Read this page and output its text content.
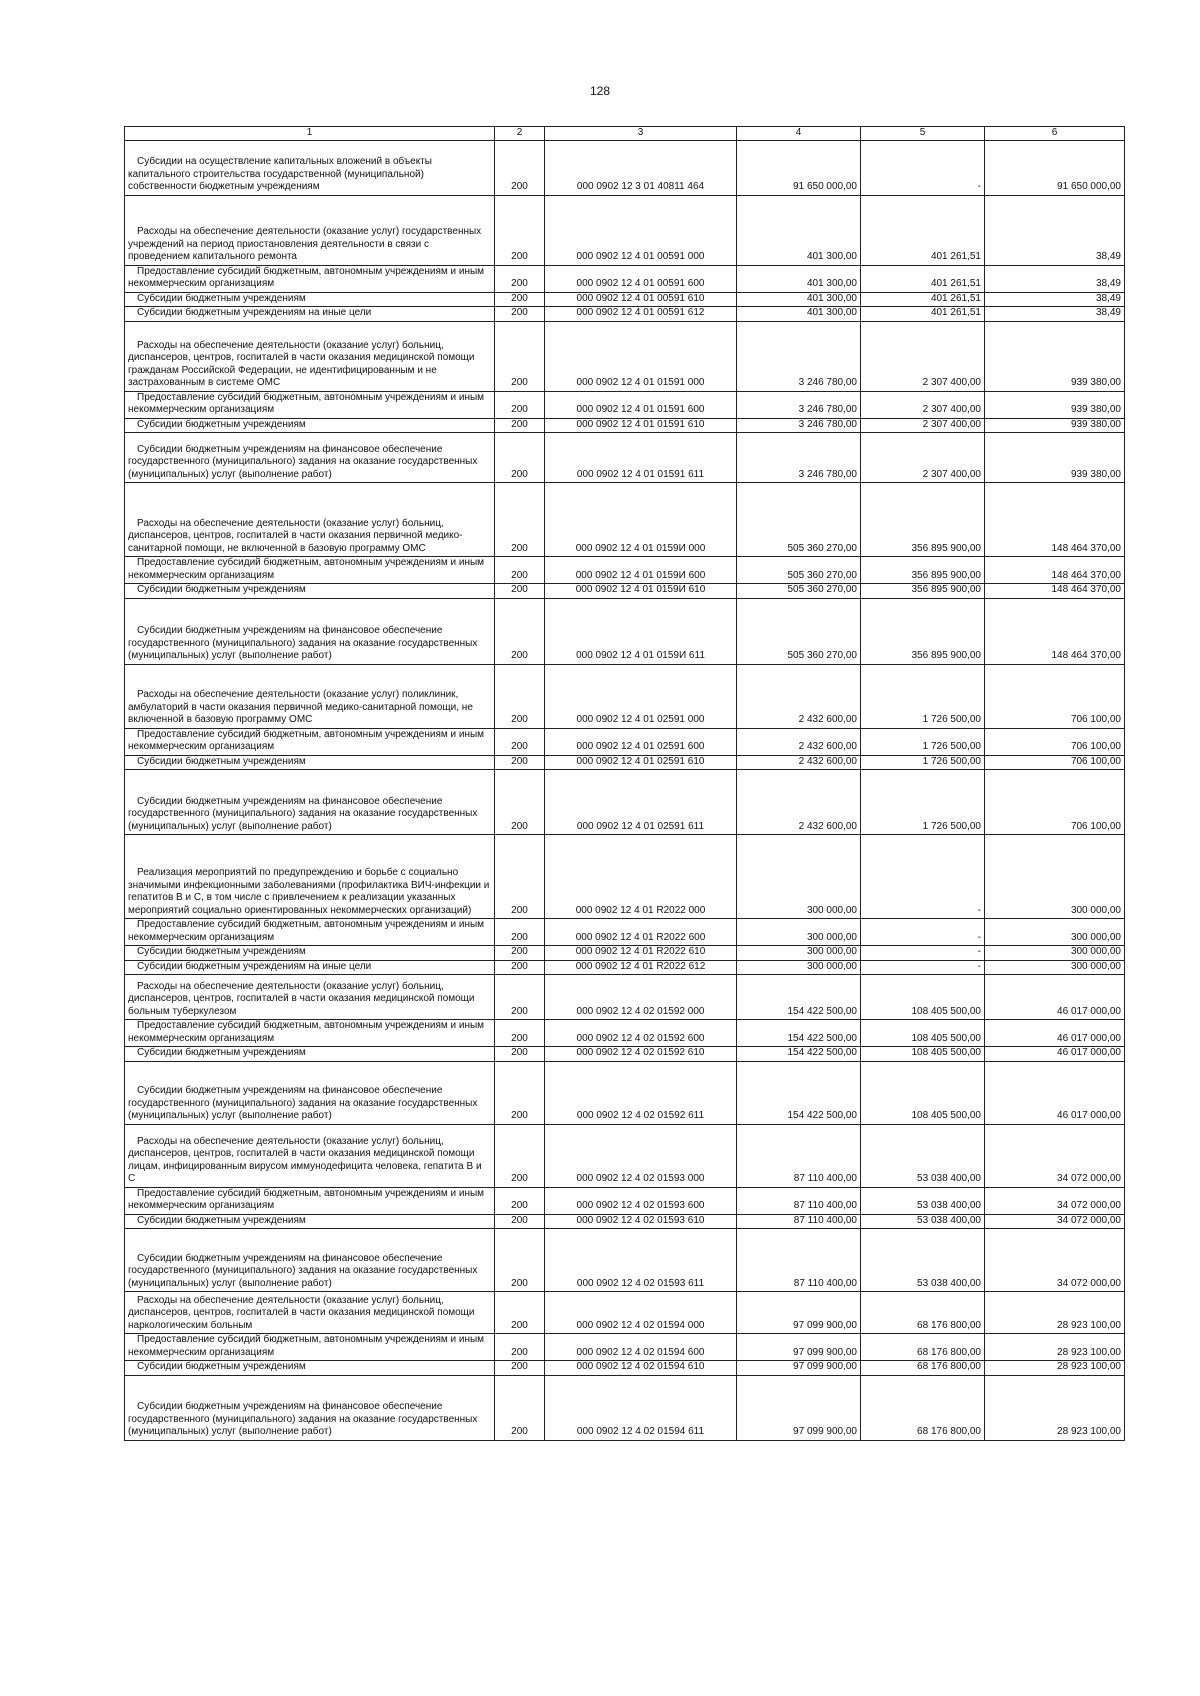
128
1	2	3	4	5	6
Субсидии на осуществление капитальных вложений в объекты капитального строительства государственной (муниципальной) собственности бюджетным учреждениям	200	000 0902 12 3 01 40811 464	91 650 000,00	-	91 650 000,00
Расходы на обеспечение деятельности (оказание услуг) государственных учреждений на период приостановления деятельности в связи с проведением капитального ремонта	200	000 0902 12 4 01 00591 000	401 300,00	401 261,51	38,49
Предоставление субсидий бюджетным, автономным учреждениям и иным некоммерческим организациям	200	000 0902 12 4 01 00591 600	401 300,00	401 261,51	38,49
Субсидии бюджетным учреждениям	200	000 0902 12 4 01 00591 610	401 300,00	401 261,51	38,49
Субсидии бюджетным учреждениям на иные цели	200	000 0902 12 4 01 00591 612	401 300,00	401 261,51	38,49
Расходы на обеспечение деятельности (оказание услуг) больниц, диспансеров, центров, госпиталей в части оказания медицинской помощи гражданам Российской Федерации, не идентифицированным и не застрахованным в системе ОМС	200	000 0902 12 4 01 01591 000	3 246 780,00	2 307 400,00	939 380,00
Предоставление субсидий бюджетным, автономным учреждениям и иным некоммерческим организациям	200	000 0902 12 4 01 01591 600	3 246 780,00	2 307 400,00	939 380,00
Субсидии бюджетным учреждениям	200	000 0902 12 4 01 01591 610	3 246 780,00	2 307 400,00	939 380,00
Субсидии бюджетным учреждениям на финансовое обеспечение государственного (муниципального) задания на оказание государственных (муниципальных) услуг (выполнение работ)	200	000 0902 12 4 01 01591 611	3 246 780,00	2 307 400,00	939 380,00
Расходы на обеспечение деятельности (оказание услуг) больниц, диспансеров, центров, госпиталей в части оказания первичной медико-санитарной помощи, не включенной в базовую программу ОМС	200	000 0902 12 4 01 0159И 000	505 360 270,00	356 895 900,00	148 464 370,00
Предоставление субсидий бюджетным, автономным учреждениям и иным некоммерческим организациям	200	000 0902 12 4 01 0159И 600	505 360 270,00	356 895 900,00	148 464 370,00
Субсидии бюджетным учреждениям	200	000 0902 12 4 01 0159И 610	505 360 270,00	356 895 900,00	148 464 370,00
Субсидии бюджетным учреждениям на финансовое обеспечение государственного (муниципального) задания на оказание государственных (муниципальных) услуг (выполнение работ)	200	000 0902 12 4 01 0159И 611	505 360 270,00	356 895 900,00	148 464 370,00
Расходы на обеспечение деятельности (оказание услуг) поликлиник, амбулаторий в части оказания первичной медико-санитарной помощи, не включенной в базовую программу ОМС	200	000 0902 12 4 01 02591 000	2 432 600,00	1 726 500,00	706 100,00
Предоставление субсидий бюджетным, автономным учреждениям и иным некоммерческим организациям	200	000 0902 12 4 01 02591 600	2 432 600,00	1 726 500,00	706 100,00
Субсидии бюджетным учреждениям	200	000 0902 12 4 01 02591 610	2 432 600,00	1 726 500,00	706 100,00
Субсидии бюджетным учреждениям на финансовое обеспечение государственного (муниципального) задания на оказание государственных (муниципальных) услуг (выполнение работ)	200	000 0902 12 4 01 02591 611	2 432 600,00	1 726 500,00	706 100,00
Реализация мероприятий по предупреждению и борьбе с социально значимыми инфекционными заболеваниями (профилактика ВИЧ-инфекции и гепатитов В и С, в том числе с привлечением к реализации указанных мероприятий социально ориентированных некоммерческих организаций)	200	000 0902 12 4 01 R2022 000	300 000,00	-	300 000,00
Предоставление субсидий бюджетным, автономным учреждениям и иным некоммерческим организациям	200	000 0902 12 4 01 R2022 600	300 000,00	-	300 000,00
Субсидии бюджетным учреждениям	200	000 0902 12 4 01 R2022 610	300 000,00	-	300 000,00
Субсидии бюджетным учреждениям на иные цели	200	000 0902 12 4 01 R2022 612	300 000,00	-	300 000,00
Расходы на обеспечение деятельности (оказание услуг) больниц, диспансеров, центров, госпиталей в части оказания медицинской помощи больным туберкулезом	200	000 0902 12 4 02 01592 000	154 422 500,00	108 405 500,00	46 017 000,00
Предоставление субсидий бюджетным, автономным учреждениям и иным некоммерческим организациям	200	000 0902 12 4 02 01592 600	154 422 500,00	108 405 500,00	46 017 000,00
Субсидии бюджетным учреждениям	200	000 0902 12 4 02 01592 610	154 422 500,00	108 405 500,00	46 017 000,00
Субсидии бюджетным учреждениям на финансовое обеспечение государственного (муниципального) задания на оказание государственных (муниципальных) услуг (выполнение работ)	200	000 0902 12 4 02 01592 611	154 422 500,00	108 405 500,00	46 017 000,00
Расходы на обеспечение деятельности (оказание услуг) больниц, диспансеров, центров, госпиталей в части оказания медицинской помощи лицам, инфицированным вирусом иммунодефицита человека, гепатита В и С	200	000 0902 12 4 02 01593 000	87 110 400,00	53 038 400,00	34 072 000,00
Предоставление субсидий бюджетным, автономным учреждениям и иным некоммерческим организациям	200	000 0902 12 4 02 01593 600	87 110 400,00	53 038 400,00	34 072 000,00
Субсидии бюджетным учреждениям	200	000 0902 12 4 02 01593 610	87 110 400,00	53 038 400,00	34 072 000,00
Субсидии бюджетным учреждениям на финансовое обеспечение государственного (муниципального) задания на оказание государственных (муниципальных) услуг (выполнение работ)	200	000 0902 12 4 02 01593 611	87 110 400,00	53 038 400,00	34 072 000,00
Расходы на обеспечение деятельности (оказание услуг) больниц, диспансеров, центров, госпиталей в части оказания медицинской помощи наркологическим больным	200	000 0902 12 4 02 01594 000	97 099 900,00	68 176 800,00	28 923 100,00
Предоставление субсидий бюджетным, автономным учреждениям и иным некоммерческим организациям	200	000 0902 12 4 02 01594 600	97 099 900,00	68 176 800,00	28 923 100,00
Субсидии бюджетным учреждениям	200	000 0902 12 4 02 01594 610	97 099 900,00	68 176 800,00	28 923 100,00
Субсидии бюджетным учреждениям на финансовое обеспечение государственного (муниципального) задания на оказание государственных (муниципальных) услуг (выполнение работ)	200	000 0902 12 4 02 01594 611	97 099 900,00	68 176 800,00	28 923 100,00
